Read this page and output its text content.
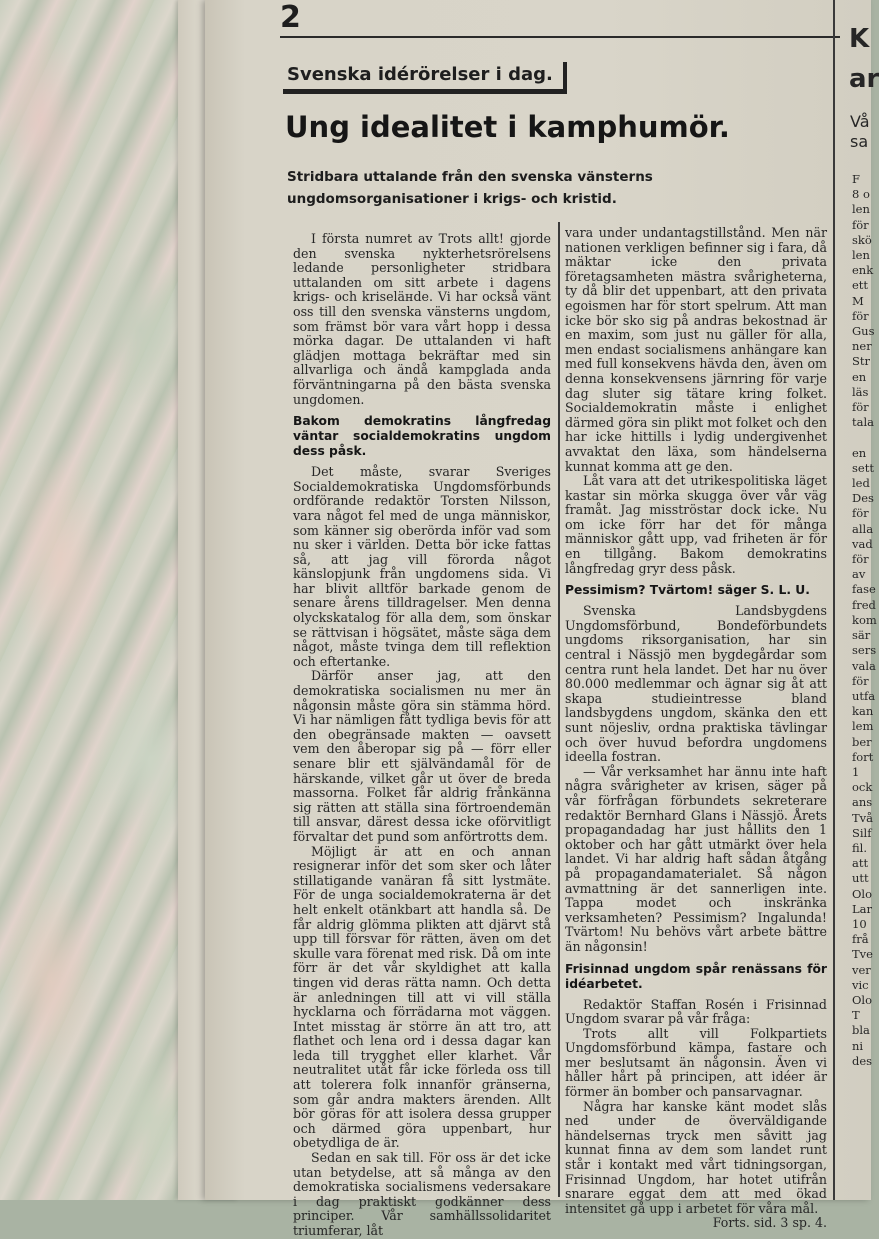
2
Svenska idérörelser i dag.
Ung idealitet i kamphumör.

Stridbara uttalande från den svenska vänsterns ungdomsorganisationer i krigs- och kristid.

I första numret av Trots allt! gjorde den svenska nykterhetsrörelsens ledande personligheter stridbara uttalanden om sitt arbete i dagens krigs- och kriseläнde. Vi har också vänt oss till den svenska vänsterns ungdom, som främst bör vara vårt hopp i dessa mörka dagar. De uttalanden vi haft glädjen mottaga bekräftar med sin allvarliga och ändå kampglada anda förväntningarna på den bästa svenska ungdomen.

Bakom demokratins långfredag väntar socialdemokratins ungdom dess påsk.

Det måste, svarar Sveriges Socialdemokratiska Ungdomsförbunds ordförande redaktör Torsten Nilsson, vara något fel med de unga människor, som känner sig oberörda inför vad som nu sker i världen. Detta bör icke fattas så, att jag vill förorda något känslopjunk från ungdomens sida. Vi har blivit alltför barkade genom de senare årens tilldragelser. Men denna olyckskatalog för alla dem, som önskar se rättvisan i högsätet, måste säga dem något, måste tvinga dem till reflektion och eftertanke.

Därför anser jag, att den demokratiska socialismen nu mer än någonsin måste göra sin stämma hörd. Vi har nämligen fått tydliga bevis för att den obegränsade makten — oavsett vem den åberopar sig på — förr eller senare blir ett självändamål för de härskande, vilket går ut över de breda massorna. Folket får aldrig frånkänna sig rätten att ställa sina förtroendemän till ansvar, därest dessa icke oförvitligt förvaltar det pund som anförtrotts dem.

Möjligt är att en och annan resignerar inför det som sker och låter stillatigande vanäran få sitt lystmäte. För de unga socialdemokraterna är det helt enkelt otänkbart att handla så. De får aldrig glömma plikten att djärvt stå upp till försvar för rätten, även om det skulle vara förenat med risk. Då om inte förr är det vår skyldighet att kalla tingen vid deras rätta namn. Och detta är anledningen till att vi vill ställa hycklarna och förrädarna mot väggen. Intet misstag är större än att tro, att flathet och lena ord i dessa dagar kan leda till trygghet eller klarhet. Vår neutralitet utåt får icke förleda oss till att tolerera folk innanför gränserna, som går andra makters ärenden. Allt bör göras för att isolera dessa grupper och därmed göra uppenbart, hur obetydliga de är.

Sedan en sak till. För oss är det icke utan betydelse, att så många av den demokratiska socialismens vedersakare i dag praktiskt godkänner dess principer. Vår samhällssolidaritet triumferar, låt

vara under undantagstillstånd. Men när nationen verkligen befinner sig i fara, då mäktar icke den privata företagsamheten mästra svårigheterna, ty då blir det uppenbart, att den privata egoismen har för stort spelrum. Att man icke bör sko sig på andras bekostnad är en maxim, som just nu gäller för alla, men endast socialismens anhängare kan med full konsekvens hävda den, även om denna konsekvensens järnring för varje dag sluter sig tätare kring folket. Socialdemokratin måste i enlighet därmed göra sin plikt mot folket och den har icke hittills i lydig undergivenhet avvaktat den läxa, som händelserna kunnat komma att ge den.

Låt vara att det utrikespolitiska läget kastar sin mörka skugga över vår väg framåt. Jag misströstar dock icke. Nu om icke förr har det för många människor gått upp, vad friheten är för en tillgång. Bakom demokratins långfredag gryr dess påsk.

Pessimism? Tvärtom! säger S. L. U.

Svenska Landsbygdens Ungdomsförbund, Bondeförbundets ungdoms riksorganisation, har sin central i Nässjö men bygdegårdar som centra runt hela landet. Det har nu över 80.000 medlemmar och ägnar sig åt att skapa studieintresse bland landsbygdens ungdom, skänka den ett sunt nöjesliv, ordna praktiska tävlingar och över huvud befordra ungdomens ideella fostran.

— Vår verksamhet har ännu inte haft några svårigheter av krisen, säger på vår förfrågan förbundets sekreterare redaktör Bernhard Glans i Nässjö. Årets propagandadag har just hållits den 1 oktober och har gått utmärkt över hela landet. Vi har aldrig haft sådan åtgång på propagandamaterialet. Så någon avmattning är det sannerligen inte. Tappa modet och inskränka verksamheten? Pessimism? Ingalunda! Tvärtom! Nu behövs vårt arbete bättre än någonsin!

Frisinnad ungdom spår renässans för idéarbetet.

Redaktör Staffan Rosén i Frisinnad Ungdom svarar på vår fråga:

Trots allt vill Folkpartiets Ungdomsförbund kämpa, fastare och mer beslutsamt än någonsin. Även vi håller hårt på principen, att idéer är förmer än bomber och pansarvagnar.

Några har kanske känt modet slås ned under de överväldigande händelsernas tryck men såvitt jag kunnat finna av dem som landet runt står i kontakt med vårt tidningsorgan, Frisinnad Ungdom, har hotet utifrån snarare eggat dem att med ökad intensitet gå upp i arbetet för våra mål.

Forts. sid. 3 sp. 4.

K
ar
Vå sa
F
8 o
len
för
skö
len
enk
ett
M
för
Gus
ner
Str
en
läs
för
tala

en
sett
led
Des
för
alla
vad
för
av
fase
fred
kom
sär
sers
vala
för
utfa
kan
lem
ber
fort
1
ock
ans
Två
Silf
fil.
att
utt
Olo
Lar
10
frå
Tve
ver
vic
Olo
T
bla
ni
des
